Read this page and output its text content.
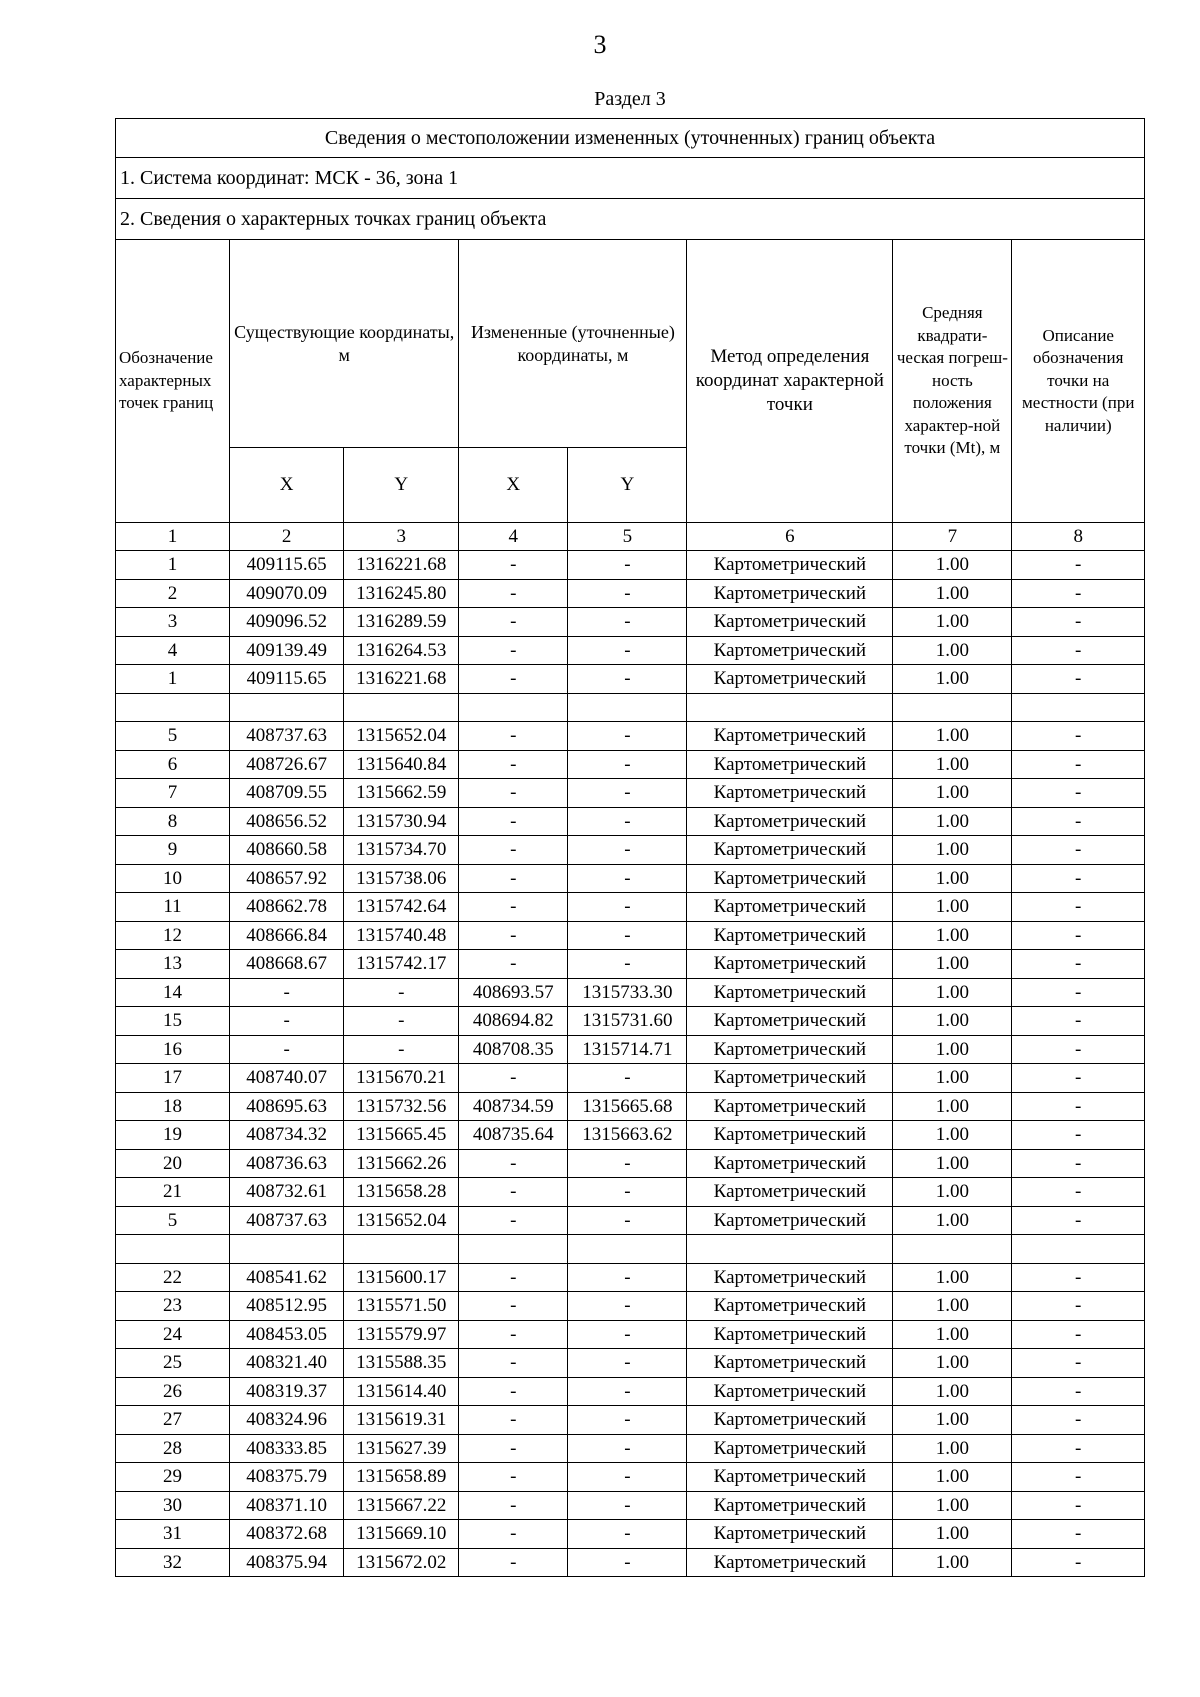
3
Раздел 3
Сведения о местоположении измененных (уточненных) границ объекта							
1. Система координат: МСК - 36, зона 1							
2. Сведения о характерных точках границ объекта							
Обозначение характерных точек границ	Существующие координаты, м		Измененные (уточненные) координаты, м		Метод определения координат характерной точки	Средняя квадрати-ческая погреш-ность положения характер-ной точки (Mt), м	Описание обозначения точки на местности (при наличии)
	X	Y	X	Y			
1	2	3	4	5	6	7	8
1	409115.65	1316221.68	-	-	Картометрический	1.00	-
2	409070.09	1316245.80	-	-	Картометрический	1.00	-
3	409096.52	1316289.59	-	-	Картометрический	1.00	-
4	409139.49	1316264.53	-	-	Картометрический	1.00	-
1	409115.65	1316221.68	-	-	Картометрический	1.00	-

5	408737.63	1315652.04	-	-	Картометрический	1.00	-
6	408726.67	1315640.84	-	-	Картометрический	1.00	-
7	408709.55	1315662.59	-	-	Картометрический	1.00	-
8	408656.52	1315730.94	-	-	Картометрический	1.00	-
9	408660.58	1315734.70	-	-	Картометрический	1.00	-
10	408657.92	1315738.06	-	-	Картометрический	1.00	-
11	408662.78	1315742.64	-	-	Картометрический	1.00	-
12	408666.84	1315740.48	-	-	Картометрический	1.00	-
13	408668.67	1315742.17	-	-	Картометрический	1.00	-
14	-	-	408693.57	1315733.30	Картометрический	1.00	-
15	-	-	408694.82	1315731.60	Картометрический	1.00	-
16	-	-	408708.35	1315714.71	Картометрический	1.00	-
17	408740.07	1315670.21	-	-	Картометрический	1.00	-
18	408695.63	1315732.56	408734.59	1315665.68	Картометрический	1.00	-
19	408734.32	1315665.45	408735.64	1315663.62	Картометрический	1.00	-
20	408736.63	1315662.26	-	-	Картометрический	1.00	-
21	408732.61	1315658.28	-	-	Картометрический	1.00	-
5	408737.63	1315652.04	-	-	Картометрический	1.00	-

22	408541.62	1315600.17	-	-	Картометрический	1.00	-
23	408512.95	1315571.50	-	-	Картометрический	1.00	-
24	408453.05	1315579.97	-	-	Картометрический	1.00	-
25	408321.40	1315588.35	-	-	Картометрический	1.00	-
26	408319.37	1315614.40	-	-	Картометрический	1.00	-
27	408324.96	1315619.31	-	-	Картометрический	1.00	-
28	408333.85	1315627.39	-	-	Картометрический	1.00	-
29	408375.79	1315658.89	-	-	Картометрический	1.00	-
30	408371.10	1315667.22	-	-	Картометрический	1.00	-
31	408372.68	1315669.10	-	-	Картометрический	1.00	-
32	408375.94	1315672.02	-	-	Картометрический	1.00	-
